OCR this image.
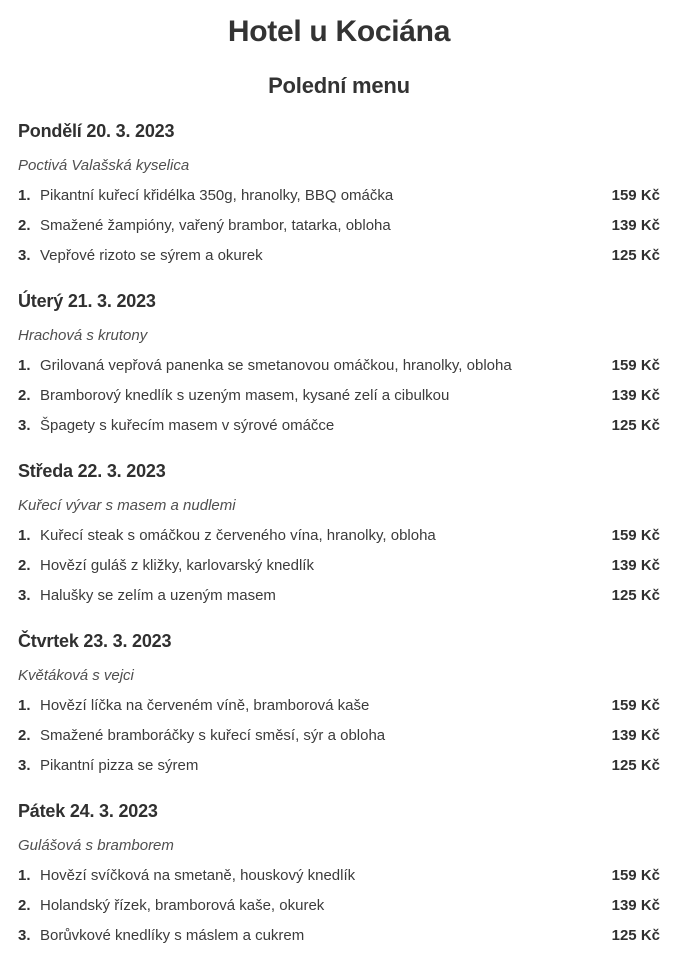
Hotel u Kociána
Polední menu
Pondělí 20. 3. 2023
Poctivá Valašská kyselica
1. Pikantní kuřecí křidélka 350g, hranolky, BBQ omáčka	159 Kč
2. Smažené žampióny, vařený brambor, tatarka, obloha	139 Kč
3. Vepřové rizoto se sýrem a okurek	125 Kč
Úterý 21. 3. 2023
Hrachová s krutony
1. Grilovaná vepřová panenka se smetanovou omáčkou, hranolky, obloha	159 Kč
2. Bramborový knedlík s uzeným masem, kysané zelí a cibulkou	139 Kč
3. Špagety s kuřecím masem v sýrové omáčce	125 Kč
Středa 22. 3. 2023
Kuřecí vývar s masem a nudlemi
1. Kuřecí steak s omáčkou z červeného vína, hranolky, obloha	159 Kč
2. Hovězí guláš z kližky, karlovarský knedlík	139 Kč
3. Halušky se zelím a uzeným masem	125 Kč
Čtvrtek 23. 3. 2023
Květáková s vejci
1. Hovězí líčka na červeném víně, bramborová kaše	159 Kč
2. Smažené bramboráčky s kuřecí směsí, sýr a obloha	139 Kč
3. Pikantní pizza se sýrem	125 Kč
Pátek 24. 3. 2023
Gulášová s bramborem
1. Hovězí svíčková na smetaně, houskový knedlík	159 Kč
2. Holandský řízek, bramborová kaše, okurek	139 Kč
3. Borůvkové knedlíky s máslem a cukrem	125 Kč
